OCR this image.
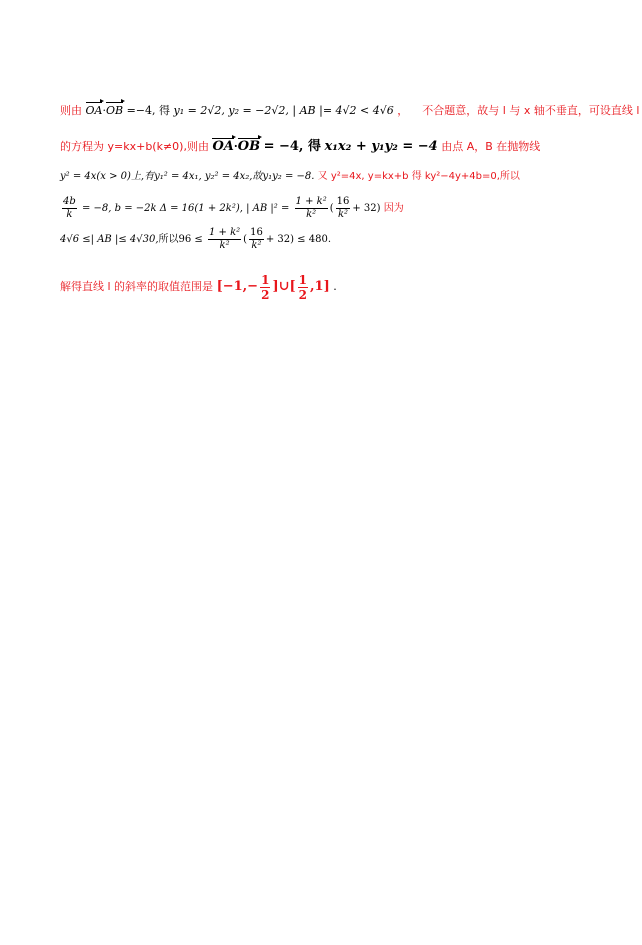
则由 OA·OB =−4, 得 y₁ = 2√2, y₂ = −2√2, | AB |= 4√2 < 4√6 ， 不合题意，故与 l 与 x 轴不垂直，可设直线 l
的方程为 y=kx+b(k≠0),则由 OA·OB = −4, 得 x₁x₂ + y₁y₂ = −4 由点 A，B 在抛物线
y² = 4x(x > 0)上,有y₁² = 4x₁, y₂² = 4x₂,故y₁y₂ = −8. 又 y²=4x, y=kx+b 得 ky²−4y+4b=0,所以
$\frac{4b}{k} = -8$, b = −2k Δ = 16(1 + 2k²), | AB $|^2 = \frac{\text{1 + k²}}{\text{k²}}$ ( $\frac{16}{\text{k²}} + 32$) 因为
4√6 ≤| AB |≤ 4√30,所以$96 \le \frac{\text{1 + k²}}{\text{k²}}$ ( $\frac{16}{\text{k²}} + 32) \le 480$.
解得直线 l 的斜率的取值范围是 [$-1,- \frac{1}{2}$ ]∪[ $\frac{1}{2} ,1$] .
